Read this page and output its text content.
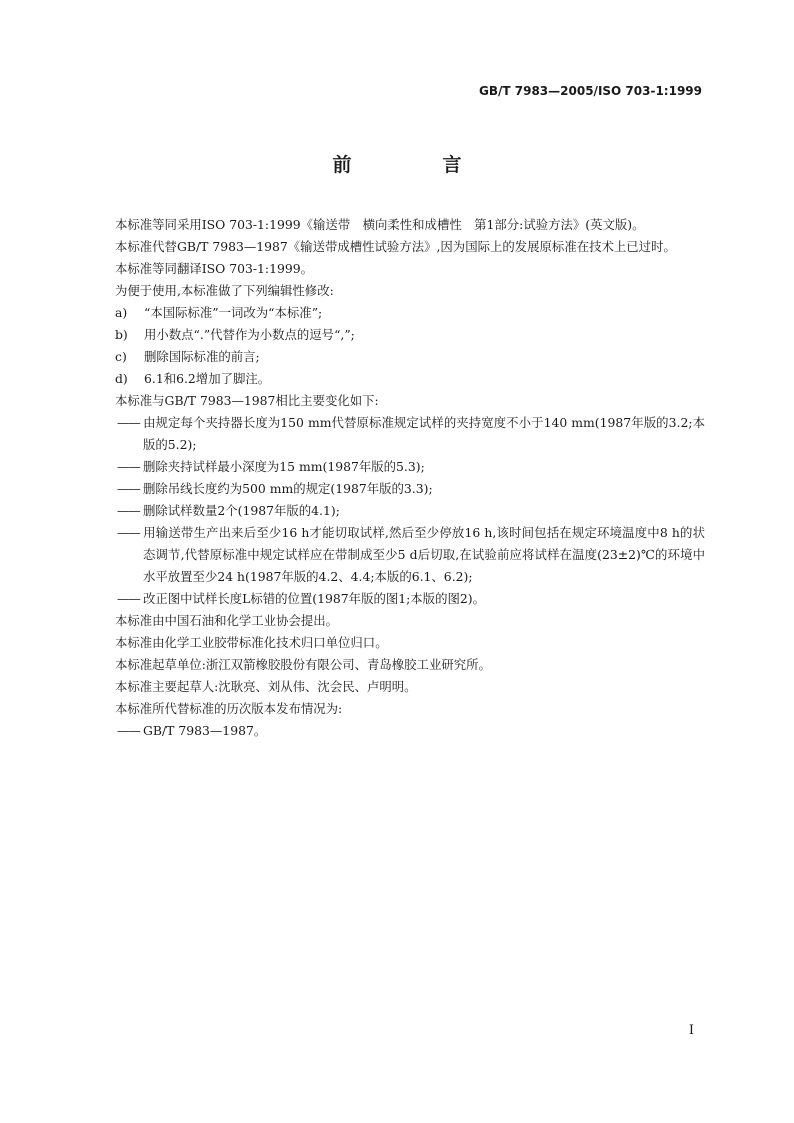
GB/T 7983—2005/ISO 703-1:1999
前　言
本标准等同采用ISO 703-1:1999《输送带　横向柔性和成槽性　第1部分:试验方法》(英文版)。
本标准代替GB/T 7983—1987《输送带成槽性试验方法》,因为国际上的发展原标准在技术上已过时。
本标准等同翻译ISO 703-1:1999。
为便于使用,本标准做了下列编辑性修改:
a) “本国际标准”一词改为“本标准”;
b) 用小数点“.”代替作为小数点的逗号“,”;
c) 删除国际标准的前言;
d) 6.1和6.2增加了脚注。
本标准与GB/T 7983—1987相比主要变化如下:
—— 由规定每个夹持器长度为150 mm代替原标准规定试样的夹持宽度不小于140 mm(1987年版的3.2;本版的5.2);
—— 删除夹持试样最小深度为15 mm(1987年版的5.3);
—— 删除吊线长度约为500 mm的规定(1987年版的3.3);
—— 删除试样数量2个(1987年版的4.1);
—— 用输送带生产出来后至少16 h才能切取试样,然后至少停放16 h,该时间包括在规定环境温度中8 h的状态调节,代替原标准中规定试样应在带制成至少5 d后切取,在试验前应将试样在温度(23±2)℃的环境中水平放置至少24 h(1987年版的4.2、4.4;本版的6.1、6.2);
—— 改正图中试样长度L标错的位置(1987年版的图1;本版的图2)。
本标准由中国石油和化学工业协会提出。
本标准由化学工业胶带标准化技术归口单位归口。
本标准起草单位:浙江双箭橡胶股份有限公司、青岛橡胶工业研究所。
本标准主要起草人:沈耿亮、刘从伟、沈会民、卢明明。
本标准所代替标准的历次版本发布情况为:
—— GB/T 7983—1987。
I
